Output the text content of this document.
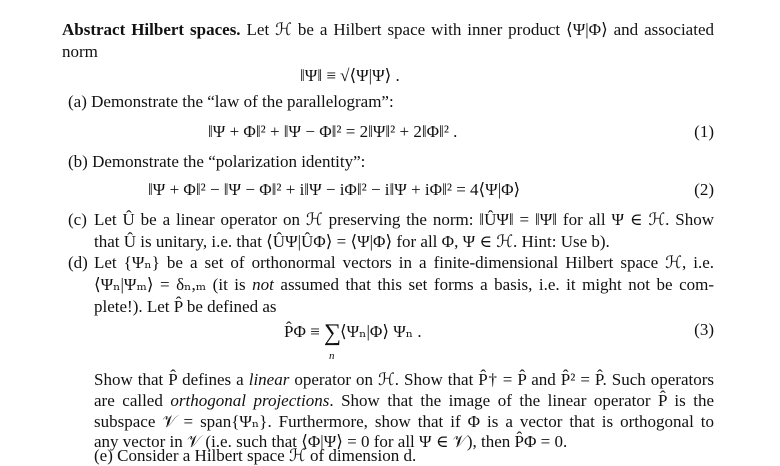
Abstract Hilbert spaces. Let ℋ be a Hilbert space with inner product ⟨Ψ|Φ⟩ and associated
norm
‖Ψ‖ ≡ √⟨Ψ|Ψ⟩ .
(a) Demonstrate the “law of the parallelogram”:
‖Ψ + Φ‖² + ‖Ψ − Φ‖² = 2‖Ψ‖² + 2‖Φ‖² .	(1)
(b) Demonstrate the “polarization identity”:
‖Ψ + Φ‖² − ‖Ψ − Φ‖² + i‖Ψ − iΦ‖² − i‖Ψ + iΦ‖² = 4⟨Ψ|Φ⟩	(2)
(c) Let Û be a linear operator on ℋ preserving the norm: ‖ÛΨ‖ = ‖Ψ‖ for all Ψ ∈ ℋ. Show
that Û is unitary, i.e. that ⟨ÛΨ|ÛΦ⟩ = ⟨Ψ|Φ⟩ for all Φ, Ψ ∈ ℋ. Hint: Use b).
(d) Let {Ψₙ} be a set of orthonormal vectors in a finite-dimensional Hilbert space ℋ, i.e.
⟨Ψₙ|Ψₘ⟩ = δₙ,ₘ (it is not assumed that this set forms a basis, i.e. it might not be com-
plete!). Let P̂ be defined as
P̂Φ ≡ ∑
n
⟨Ψₙ|Φ⟩ Ψₙ .	(3)
Show that P̂ defines a linear operator on ℋ. Show that P̂† = P̂ and P̂² = P̂. Such operators
are called orthogonal projections. Show that the image of the linear operator P̂ is the
subspace 𝒱 = span{Ψₙ}. Furthermore, show that if Φ is a vector that is orthogonal to
any vector in 𝒱 (i.e. such that ⟨Φ|Ψ⟩ = 0 for all Ψ ∈ 𝒱), then P̂Φ = 0.
(e) Consider a Hilbert space ℋ of dimension d.
